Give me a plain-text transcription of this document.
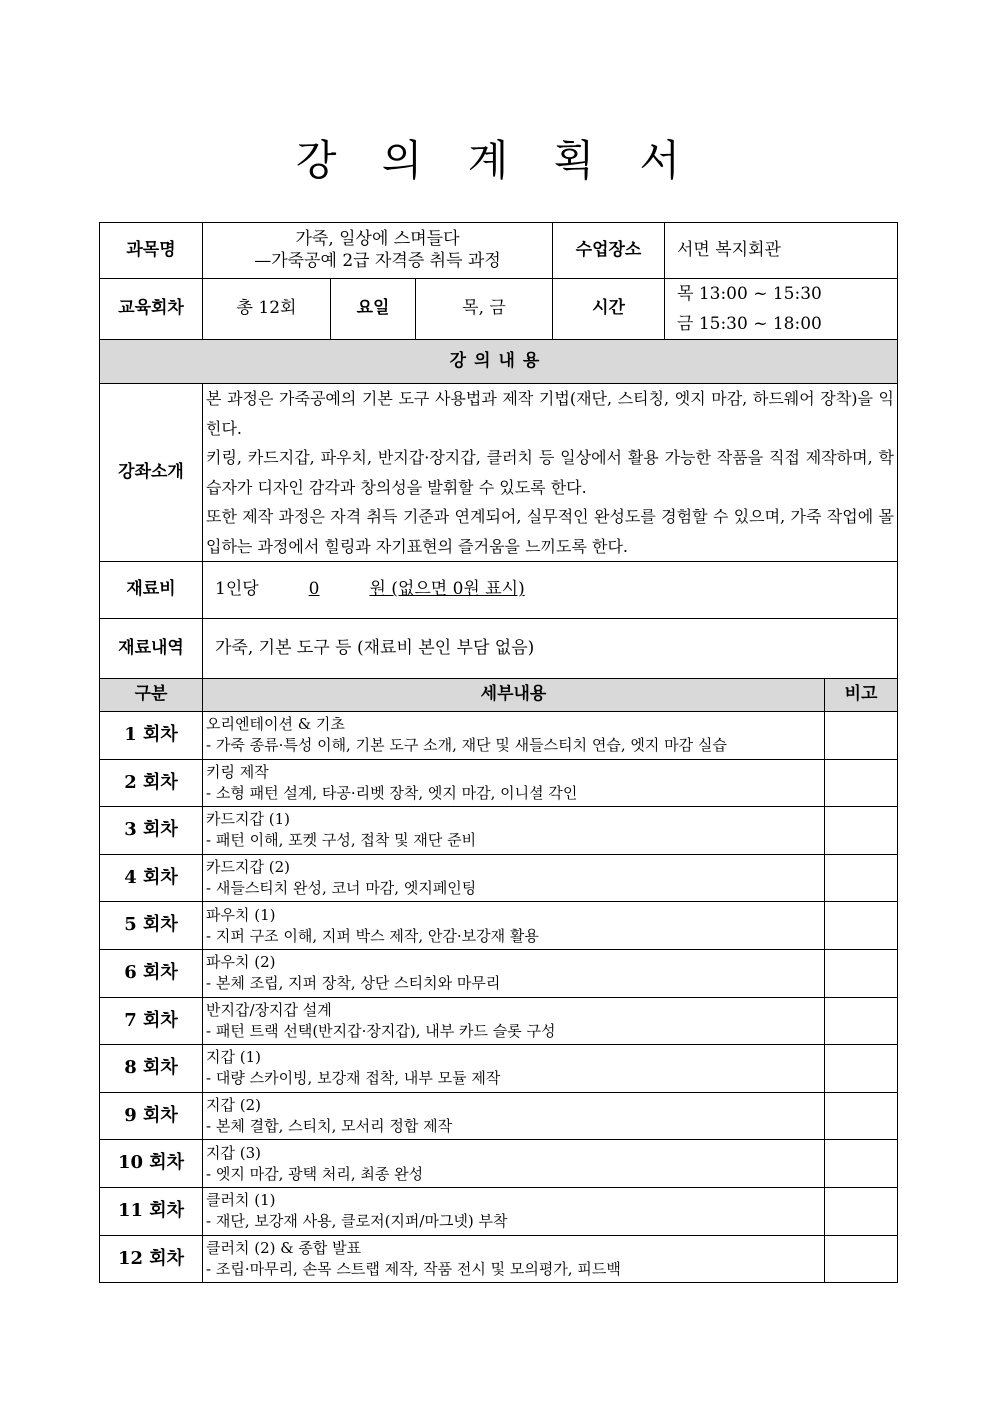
강 의 계 획 서
과목명	가죽, 일상에 스며들다
—가죽공예 2급 자격증 취득 과정			수업장소	서면 복지회관	
교육회차	총 12회	요일	목, 금	시간	목 13:00 ~ 15:30
금 15:30 ~ 18:00	

강의내용						
강좌소개	본 과정은 가죽공예의 기본 도구 사용법과 제작 기법(재단, 스티칭, 엣지 마감, 하드웨어 장착)을 익힌다.

키링, 카드지갑, 파우치, 반지갑·장지갑, 클러치 등 일상에서 활용 가능한 작품을 직접 제작하며, 학습자가 디자인 감각과 창의성을 발휘할 수 있도록 한다.

또한 제작 과정은 자격 취득 기준과 연계되어, 실무적인 완성도를 경험할 수 있으며, 가죽 작업에 몰입하는 과정에서 힐링과 자기표현의 즐거움을 느끼도록 한다.					

재료비	1인당 0 원 (없으면 0원 표시)					
재료내역	가죽, 기본 도구 등 (재료비 본인 부담 없음)					
구분	세부내용					비고
1 회차	오리엔테이션 & 기초
- 가죽 종류·특성 이해, 기본 도구 소개, 재단 및 새들스티치 연습, 엣지 마감 실습					

2 회차	키링 제작
- 소형 패턴 설계, 타공·리벳 장착, 엣지 마감, 이니셜 각인					

3 회차	카드지갑 (1)
- 패턴 이해, 포켓 구성, 접착 및 재단 준비					

4 회차	카드지갑 (2)
- 새들스티치 완성, 코너 마감, 엣지페인팅					

5 회차	파우치 (1)
- 지퍼 구조 이해, 지퍼 박스 제작, 안감·보강재 활용					

6 회차	파우치 (2)
- 본체 조립, 지퍼 장착, 상단 스티치와 마무리					

7 회차	반지갑/장지갑 설계
- 패턴 트랙 선택(반지갑·장지갑), 내부 카드 슬롯 구성					

8 회차	지갑 (1)
- 대량 스카이빙, 보강재 접착, 내부 모듈 제작					

9 회차	지갑 (2)
- 본체 결합, 스티치, 모서리 정합 제작					

10 회차	지갑 (3)
- 엣지 마감, 광택 처리, 최종 완성					

11 회차	클러치 (1)
- 재단, 보강재 사용, 클로저(지퍼/마그넷) 부착					

12 회차	클러치 (2) & 종합 발표
- 조립·마무리, 손목 스트랩 제작, 작품 전시 및 모의평가, 피드백					
